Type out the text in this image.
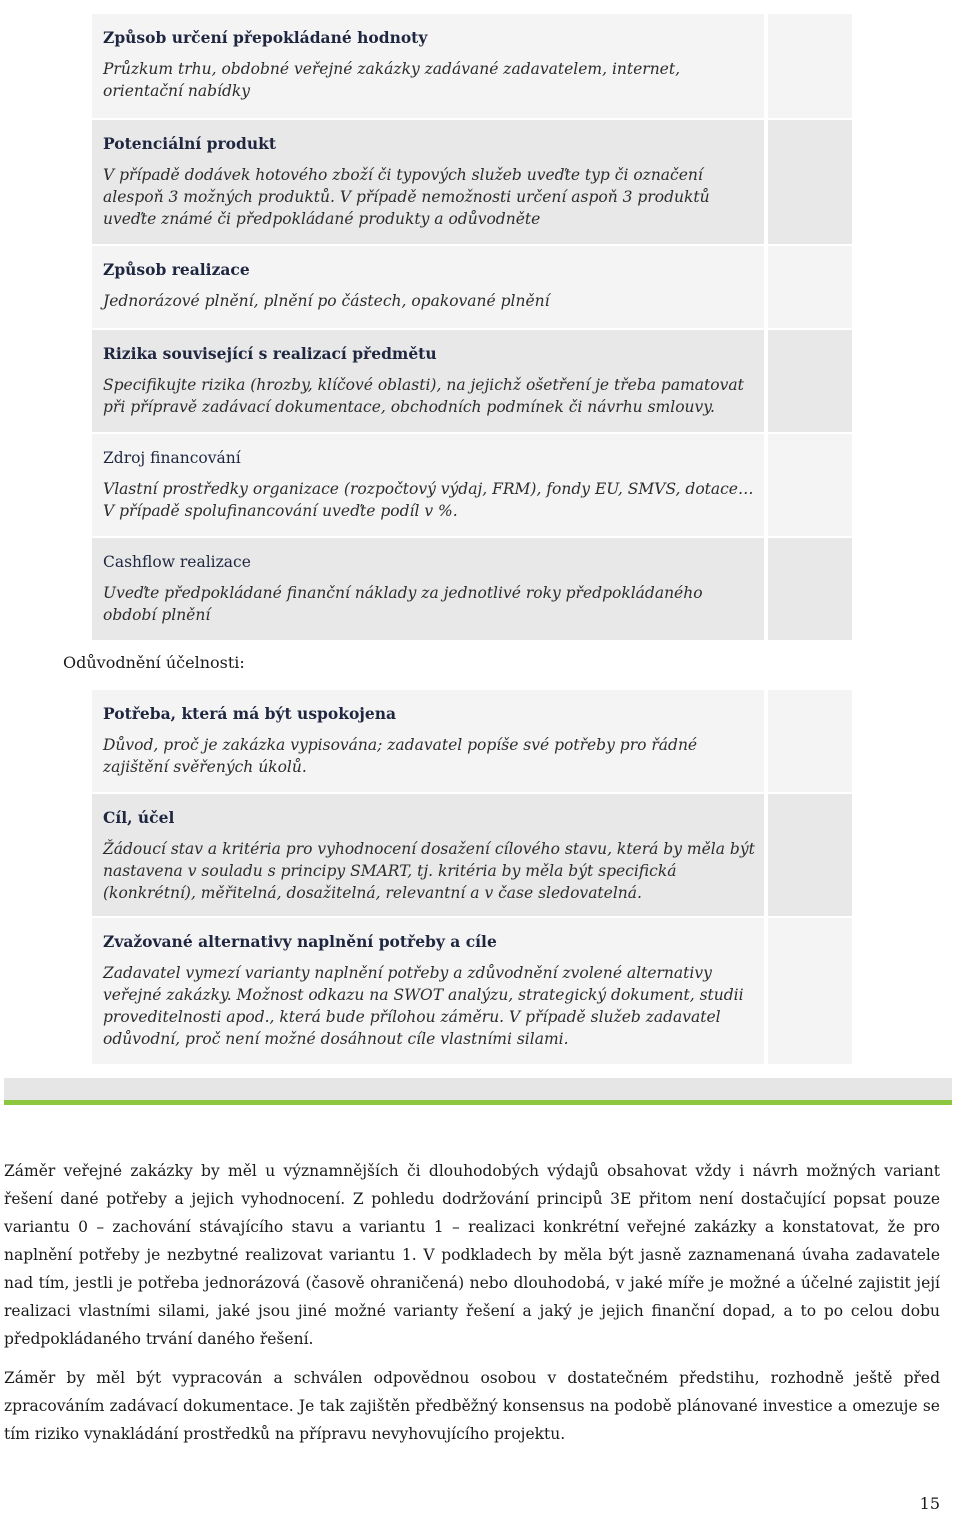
Způsob určení přepokládané hodnoty
Průzkum trhu, obdobné veřejné zakázky zadávané zadavatelem, internet, orientační nabídky
Potenciální produkt
V případě dodávek hotového zboží či typových služeb uveďte typ či označení alespoň 3 možných produktů. V případě nemožnosti určení aspoň 3 produktů uveďte známé či předpokládané produkty a odůvodněte
Způsob realizace
Jednorázové plnění, plnění po částech, opakované plnění
Rizika související s realizací předmětu
Specifikujte rizika (hrozby, klíčové oblasti), na jejichž ošetření je třeba pamatovat při přípravě zadávací dokumentace, obchodních podmínek či návrhu smlouvy.
Zdroj financování
Vlastní prostředky organizace (rozpočtový výdaj, FRM), fondy EU, SMVS, dotace… V případě spolufinancování uveďte podíl v %.
Cashflow realizace
Uveďte předpokládané finanční náklady za jednotlivé roky předpokládaného období plnění
Odůvodnění účelnosti:
Potřeba, která má být uspokojena
Důvod, proč je zakázka vypisována; zadavatel popíše své potřeby pro řádné zajištění svěřených úkolů.
Cíl, účel
Žádoucí stav a kritéria pro vyhodnocení dosažení cílového stavu, která by měla být nastavena v souladu s principy SMART, tj. kritéria by měla být specifická (konkrétní), měřitelná, dosažitelná, relevantní a v čase sledovatelná.
Zvažované alternativy naplnění potřeby a cíle
Zadavatel vymezí varianty naplnění potřeby a zdůvodnění zvolené alternativy veřejné zakázky. Možnost odkazu na SWOT analýzu, strategický dokument, studii proveditelnosti apod., která bude přílohou záměru. V případě služeb zadavatel odůvodní, proč není možné dosáhnout cíle vlastními silami.
Záměr veřejné zakázky by měl u významnějších či dlouhodobých výdajů obsahovat vždy i návrh možných variant řešení dané potřeby a jejich vyhodnocení. Z pohledu dodržování principů 3E přitom není dostačující popsat pouze variantu 0 – zachování stávajícího stavu a variantu 1 – realizaci konkrétní veřejné zakázky a konstatovat, že pro naplnění potřeby je nezbytné realizovat variantu 1. V podkladech by měla být jasně zaznamenaná úvaha zadavatele nad tím, jestli je potřeba jednorázová (časově ohraničená) nebo dlouhodobá, v jaké míře je možné a účelné zajistit její realizaci vlastními silami, jaké jsou jiné možné varianty řešení a jaký je jejich finanční dopad, a to po celou dobu předpokládaného trvání daného řešení.
Záměr by měl být vypracován a schválen odpovědnou osobou v dostatečném předstihu, rozhodně ještě před zpracováním zadávací dokumentace. Je tak zajištěn předběžný konsensus na podobě plánované investice a omezuje se tím riziko vynakládání prostředků na přípravu nevyhovujícího projektu.
15
